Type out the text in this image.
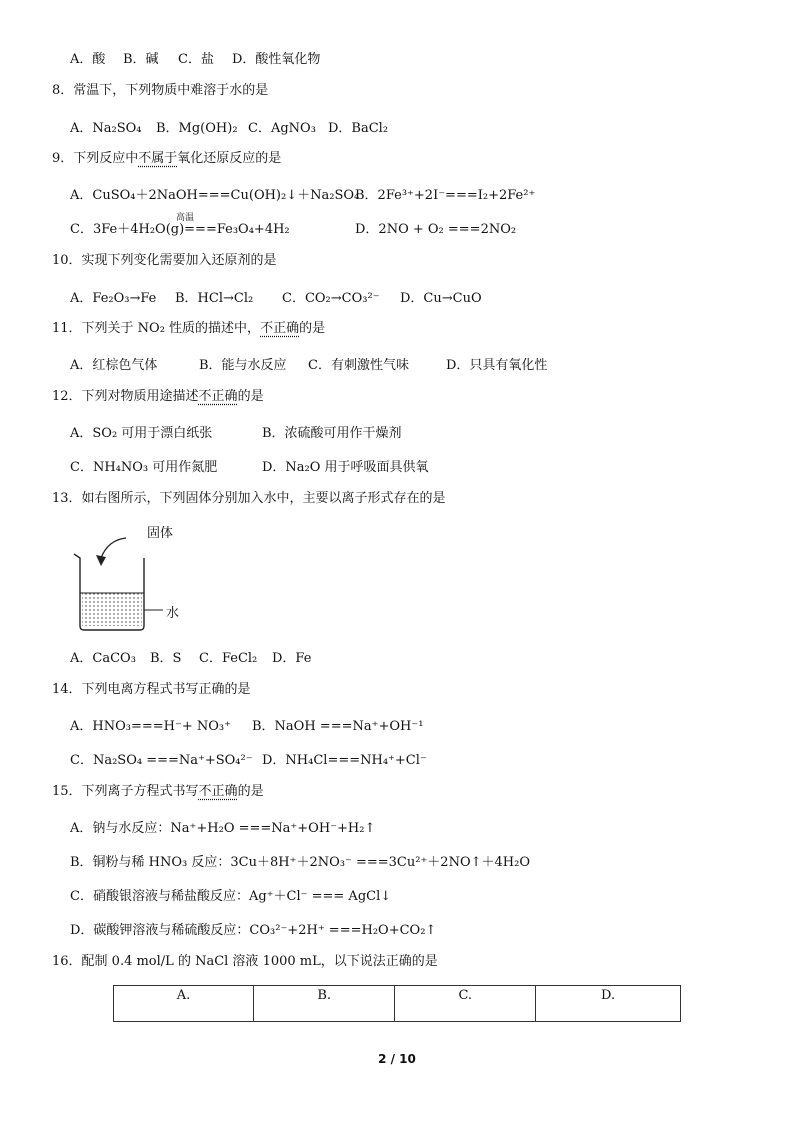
A．酸 B．碱 C．盐 D．酸性氧化物
8．常温下，下列物质中难溶于水的是
A．Na₂SO₄ B．Mg(OH)₂ C．AgNO₃ D．BaCl₂
9．下列反应中不属于氧化还原反应的是
A．CuSO₄＋2NaOH===Cu(OH)₂↓＋Na₂SO₄
B．2Fe³⁺+2I⁻===I₂+2Fe²⁺
高温
C．3Fe＋4H₂O(g)===Fe₃O₄+4H₂	D．2NO + O₂ ===2NO₂
10．实现下列变化需要加入还原剂的是
A．Fe₂O₃→Fe B．HCl→Cl₂ C．CO₂→CO₃²⁻ D．Cu→CuO
11．下列关于 NO₂ 性质的描述中，不正确的是
A．红棕色气体	B．能与水反应 C．有刺激性气味	D．只具有氧化性
12．下列对物质用途描述不正确的是
A．SO₂ 可用于漂白纸张	B．浓硫酸可用作干燥剂
C．NH₄NO₃ 可用作氮肥	D．Na₂O 用于呼吸面具供氧
13．如右图所示，下列固体分别加入水中，主要以离子形式存在的是
固体
水
A．CaCO₃ B．S C．FeCl₂ D．Fe
14．下列电离方程式书写正确的是
A．HNO₃===H⁻+ NO₃⁺ B．NaOH ===Na⁺+OH⁻¹
C．Na₂SO₄ ===Na⁺+SO₄²⁻ D．NH₄Cl===NH₄⁺+Cl⁻
15．下列离子方程式书写不正确的是
A．钠与水反应：Na⁺+H₂O ===Na⁺+OH⁻+H₂↑
B．铜粉与稀 HNO₃ 反应：3Cu＋8H⁺＋2NO₃⁻ ===3Cu²⁺＋2NO↑＋4H₂O
C．硝酸银溶液与稀盐酸反应：Ag⁺＋Cl⁻ === AgCl↓
D．碳酸钾溶液与稀硫酸反应：CO₃²⁻+2H⁺ ===H₂O+CO₂↑
16．配制 0.4 mol/L 的 NaCl 溶液 1000 mL，以下说法正确的是
A.	B.	C.	D.
2 / 10
